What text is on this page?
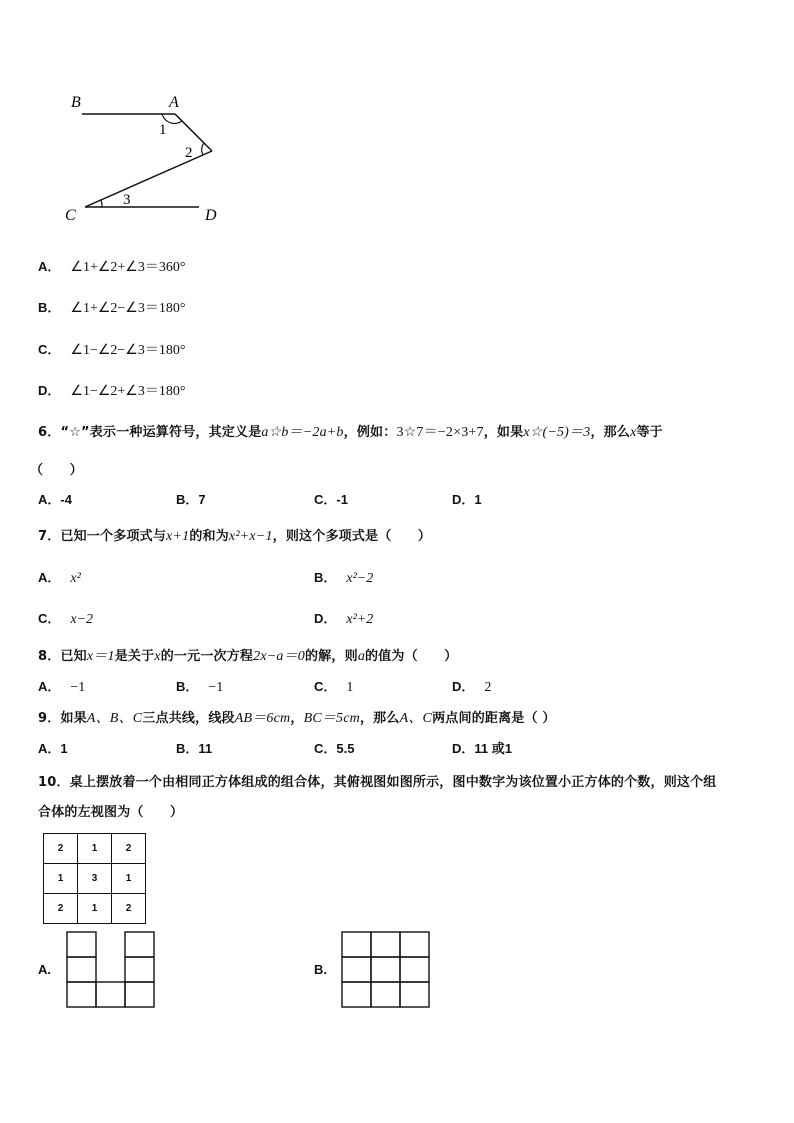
B	A
C	D
1
2
3
A． ∠1+∠2+∠3＝360°
B． ∠1+∠2−∠3＝180°
C． ∠1−∠2−∠3＝180°
D． ∠1−∠2+∠3＝180°
6．“☆”表示一种运算符号，其定义是a☆b＝−2a+b，例如：3☆7＝−2×3+7，如果x☆(−5)＝3，那么x等于
（　　）
A．-4	B．7	C．-1	D．1
7．已知一个多项式与x+1的和为x²+x−1，则这个多项式是（　　）
A． x²	B． x²−2
C． x−2	D． x²+2
8．已知x＝1是关于x的一元一次方程2x−a＝0的解，则a的值为（　　）
A． −1	B． −1	C． 1	D． 2
9．如果A、B、C三点共线，线段AB＝6cm，BC＝5cm，那么A、C两点间的距离是（ ）
A．1	B．11	C．5.5	D．11 或1
10．桌上摆放着一个由相同正方体组成的组合体，其俯视图如图所示，图中数字为该位置小正方体的个数，则这个组
合体的左视图为（　　）
2	1	2
1	3	1
2	1	2
A.	B.
